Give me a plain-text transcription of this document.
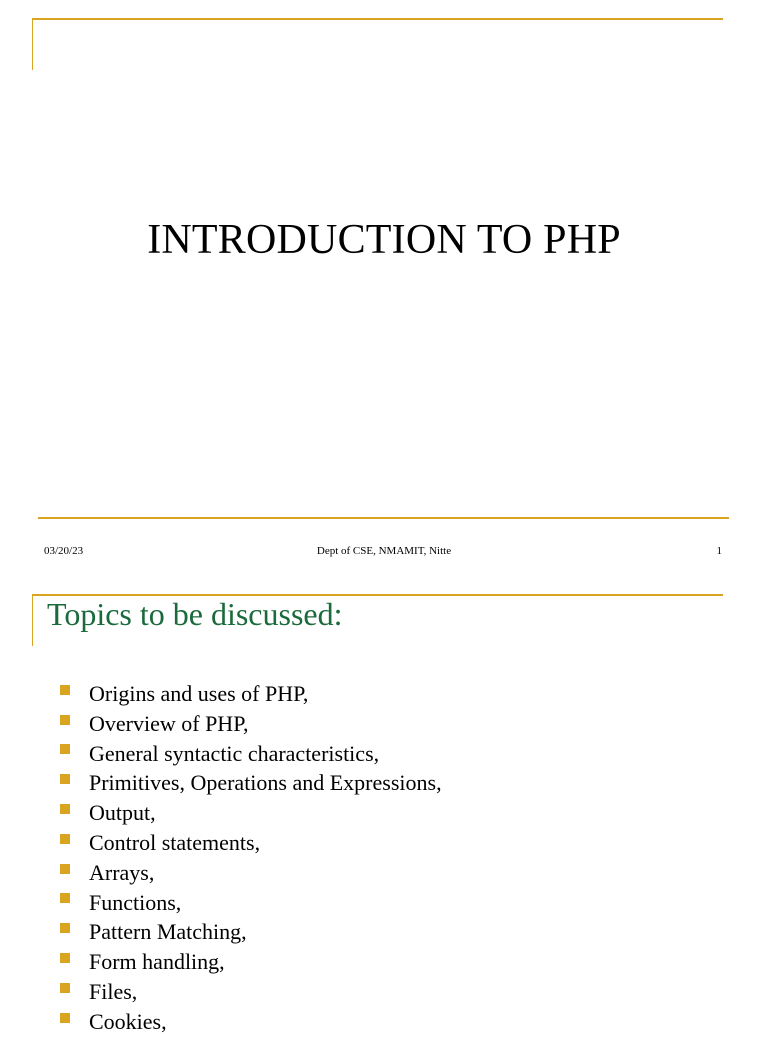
INTRODUCTION TO PHP
03/20/23	Dept of CSE, NMAMIT, Nitte	1
Topics to be discussed:
Origins and uses of PHP,
Overview of PHP,
General syntactic characteristics,
Primitives, Operations and Expressions,
Output,
Control statements,
Arrays,
Functions,
Pattern Matching,
Form handling,
Files,
Cookies,
